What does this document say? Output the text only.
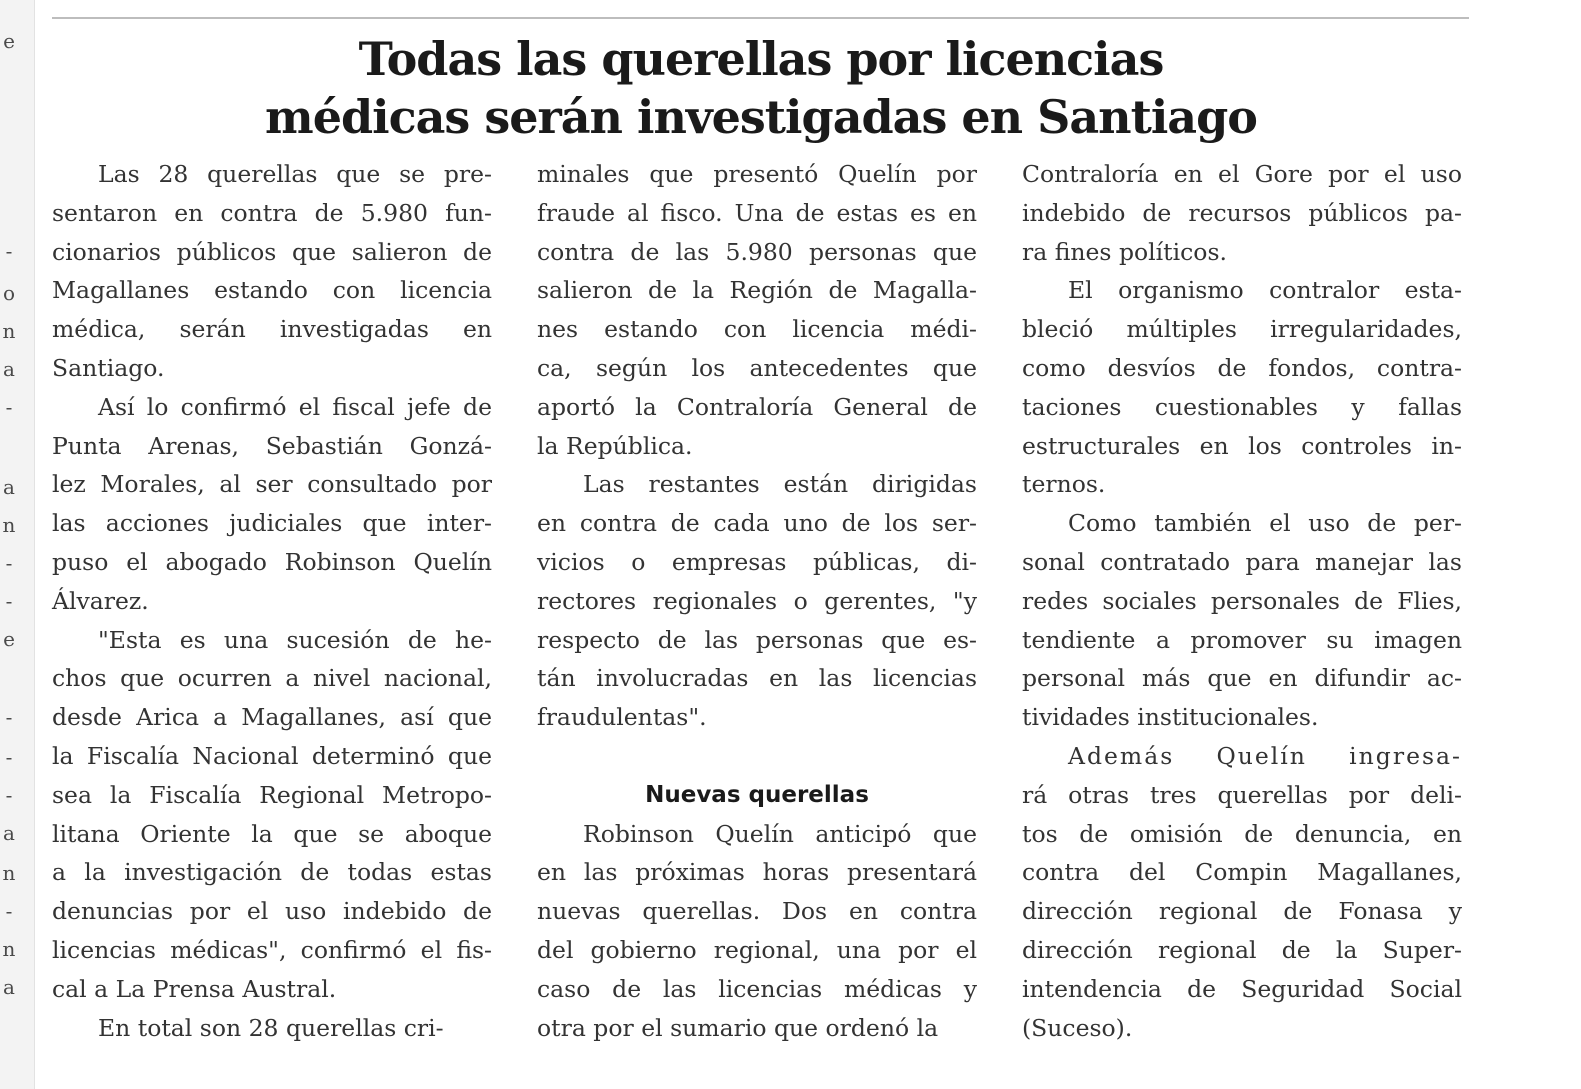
e
-
o
n
a
-
a
n
-
-
e
-
-
-
a
n
-
n
a
Todas las querellas por licencias
médicas serán investigadas en Santiago
Las 28 querellas que se pre-
sentaron en contra de 5.980 fun-
cionarios públicos que salieron de
Magallanes estando con licencia
médica, serán investigadas en
Santiago.
Así lo confirmó el fiscal jefe de
Punta Arenas, Sebastián Gonzá-
lez Morales, al ser consultado por
las acciones judiciales que inter-
puso el abogado Robinson Quelín
Álvarez.
"Esta es una sucesión de he-
chos que ocurren a nivel nacional,
desde Arica a Magallanes, así que
la Fiscalía Nacional determinó que
sea la Fiscalía Regional Metropo-
litana Oriente la que se aboque
a la investigación de todas estas
denuncias por el uso indebido de
licencias médicas", confirmó el fis-
cal a La Prensa Austral.
En total son 28 querellas cri-
minales que presentó Quelín por
fraude al fisco. Una de estas es en
contra de las 5.980 personas que
salieron de la Región de Magalla-
nes estando con licencia médi-
ca, según los antecedentes que
aportó la Contraloría General de
la República.
Las restantes están dirigidas
en contra de cada uno de los ser-
vicios o empresas públicas, di-
rectores regionales o gerentes, "y
respecto de las personas que es-
tán involucradas en las licencias
fraudulentas".
Nuevas querellas
Robinson Quelín anticipó que
en las próximas horas presentará
nuevas querellas. Dos en contra
del gobierno regional, una por el
caso de las licencias médicas y
otra por el sumario que ordenó la
Contraloría en el Gore por el uso
indebido de recursos públicos pa-
ra fines políticos.
El organismo contralor esta-
bleció múltiples irregularidades,
como desvíos de fondos, contra-
taciones cuestionables y fallas
estructurales en los controles in-
ternos.
Como también el uso de per-
sonal contratado para manejar las
redes sociales personales de Flies,
tendiente a promover su imagen
personal más que en difundir ac-
tividades institucionales.
Además Quelín ingresa-
rá otras tres querellas por deli-
tos de omisión de denuncia, en
contra del Compin Magallanes,
dirección regional de Fonasa y
dirección regional de la Super-
intendencia de Seguridad Social
(Suceso).
